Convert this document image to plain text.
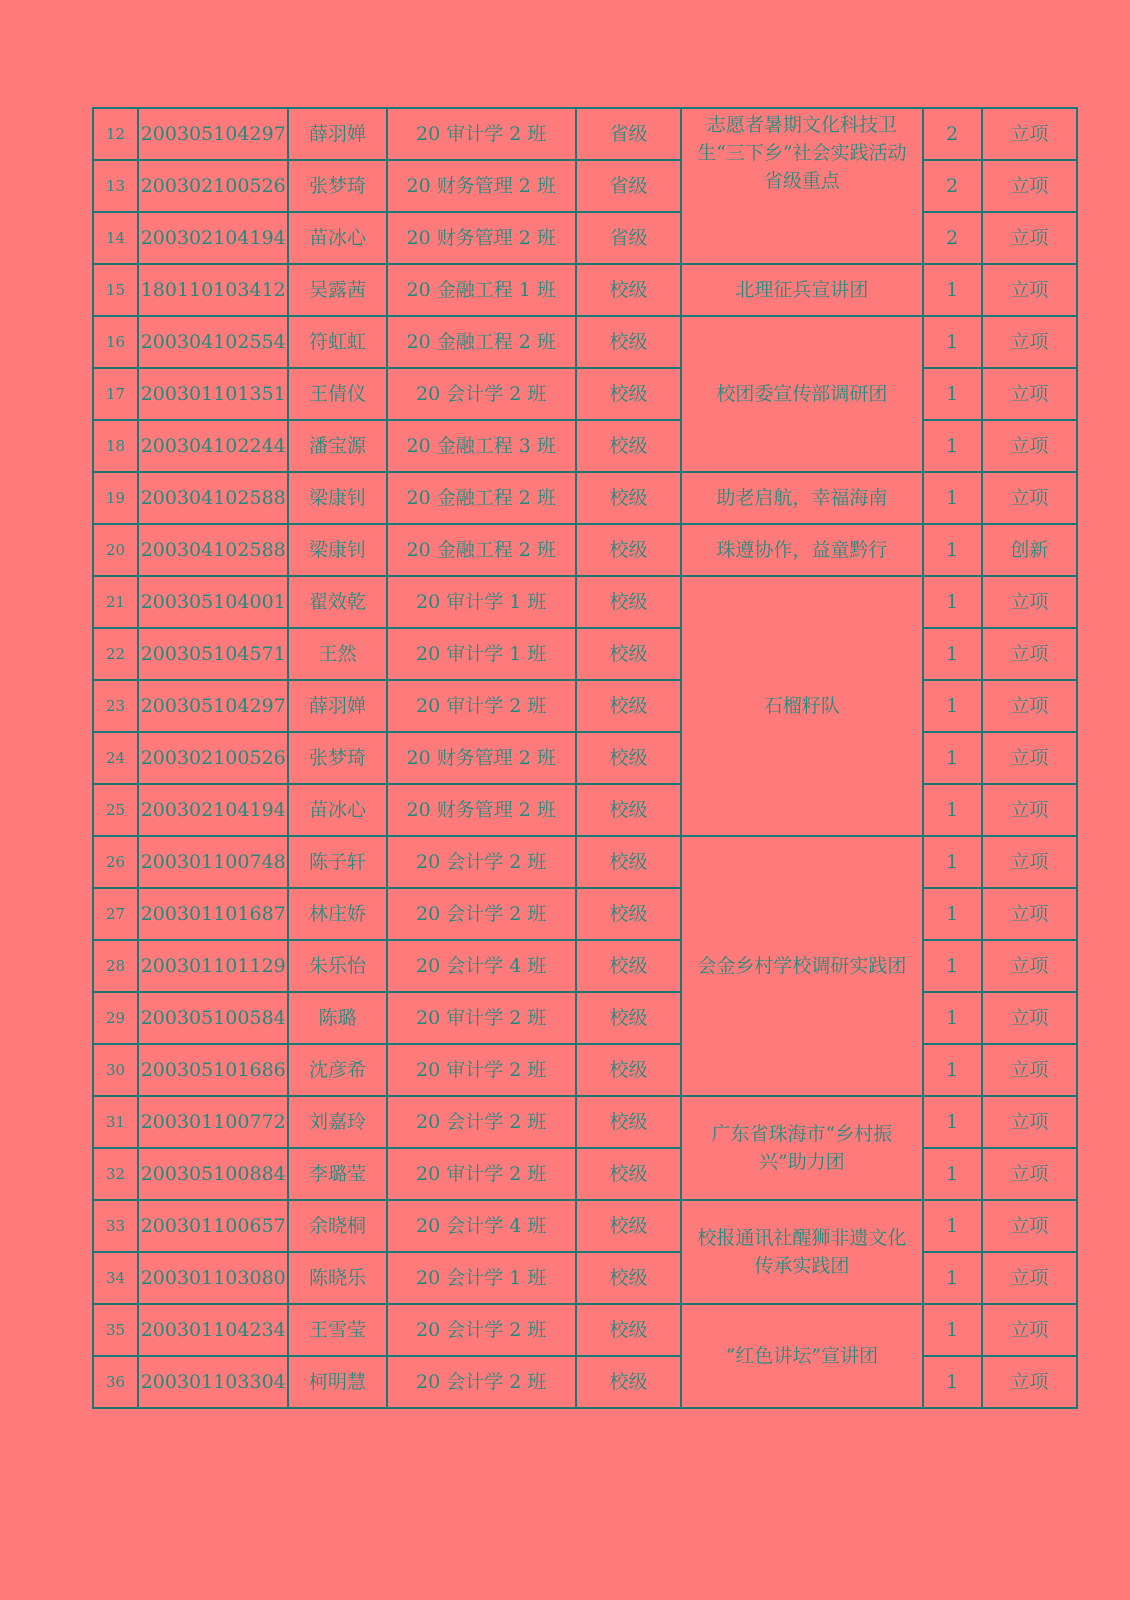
12	200305104297	薛羽婵	20 审计学 2 班	省级	志愿者暑期文化科技卫生“三下乡”社会实践活动省级重点	2	立项
13	200302100526	张梦琦	20 财务管理 2 班	省级		2	立项
14	200302104194	苗冰心	20 财务管理 2 班	省级		2	立项
15	180110103412	吴露茜	20 金融工程 1 班	校级	北理征兵宣讲团	1	立项
16	200304102554	符虹虹	20 金融工程 2 班	校级	校团委宣传部调研团	1	立项
17	200301101351	王倩仪	20 会计学 2 班	校级		1	立项
18	200304102244	潘宝源	20 金融工程 3 班	校级		1	立项
19	200304102588	梁康钊	20 金融工程 2 班	校级	助老启航，幸福海南	1	立项
20	200304102588	梁康钊	20 金融工程 2 班	校级	珠遵协作，益童黔行	1	创新
21	200305104001	翟效乾	20 审计学 1 班	校级	石榴籽队	1	立项
22	200305104571	王然	20 审计学 1 班	校级		1	立项
23	200305104297	薛羽婵	20 审计学 2 班	校级		1	立项
24	200302100526	张梦琦	20 财务管理 2 班	校级		1	立项
25	200302104194	苗冰心	20 财务管理 2 班	校级		1	立项
26	200301100748	陈子轩	20 会计学 2 班	校级	会金乡村学校调研实践团	1	立项
27	200301101687	林庄娇	20 会计学 2 班	校级		1	立项
28	200301101129	朱乐怡	20 会计学 4 班	校级		1	立项
29	200305100584	陈璐	20 审计学 2 班	校级		1	立项
30	200305101686	沈彦希	20 审计学 2 班	校级		1	立项
31	200301100772	刘嘉玲	20 会计学 2 班	校级	广东省珠海市“乡村振兴”助力团	1	立项
32	200305100884	李璐莹	20 审计学 2 班	校级		1	立项
33	200301100657	余晓桐	20 会计学 4 班	校级	校报通讯社醒狮非遗文化传承实践团	1	立项
34	200301103080	陈晓乐	20 会计学 1 班	校级		1	立项
35	200301104234	王雪莹	20 会计学 2 班	校级	“红色讲坛”宣讲团	1	立项
36	200301103304	柯明慧	20 会计学 2 班	校级		1	立项
